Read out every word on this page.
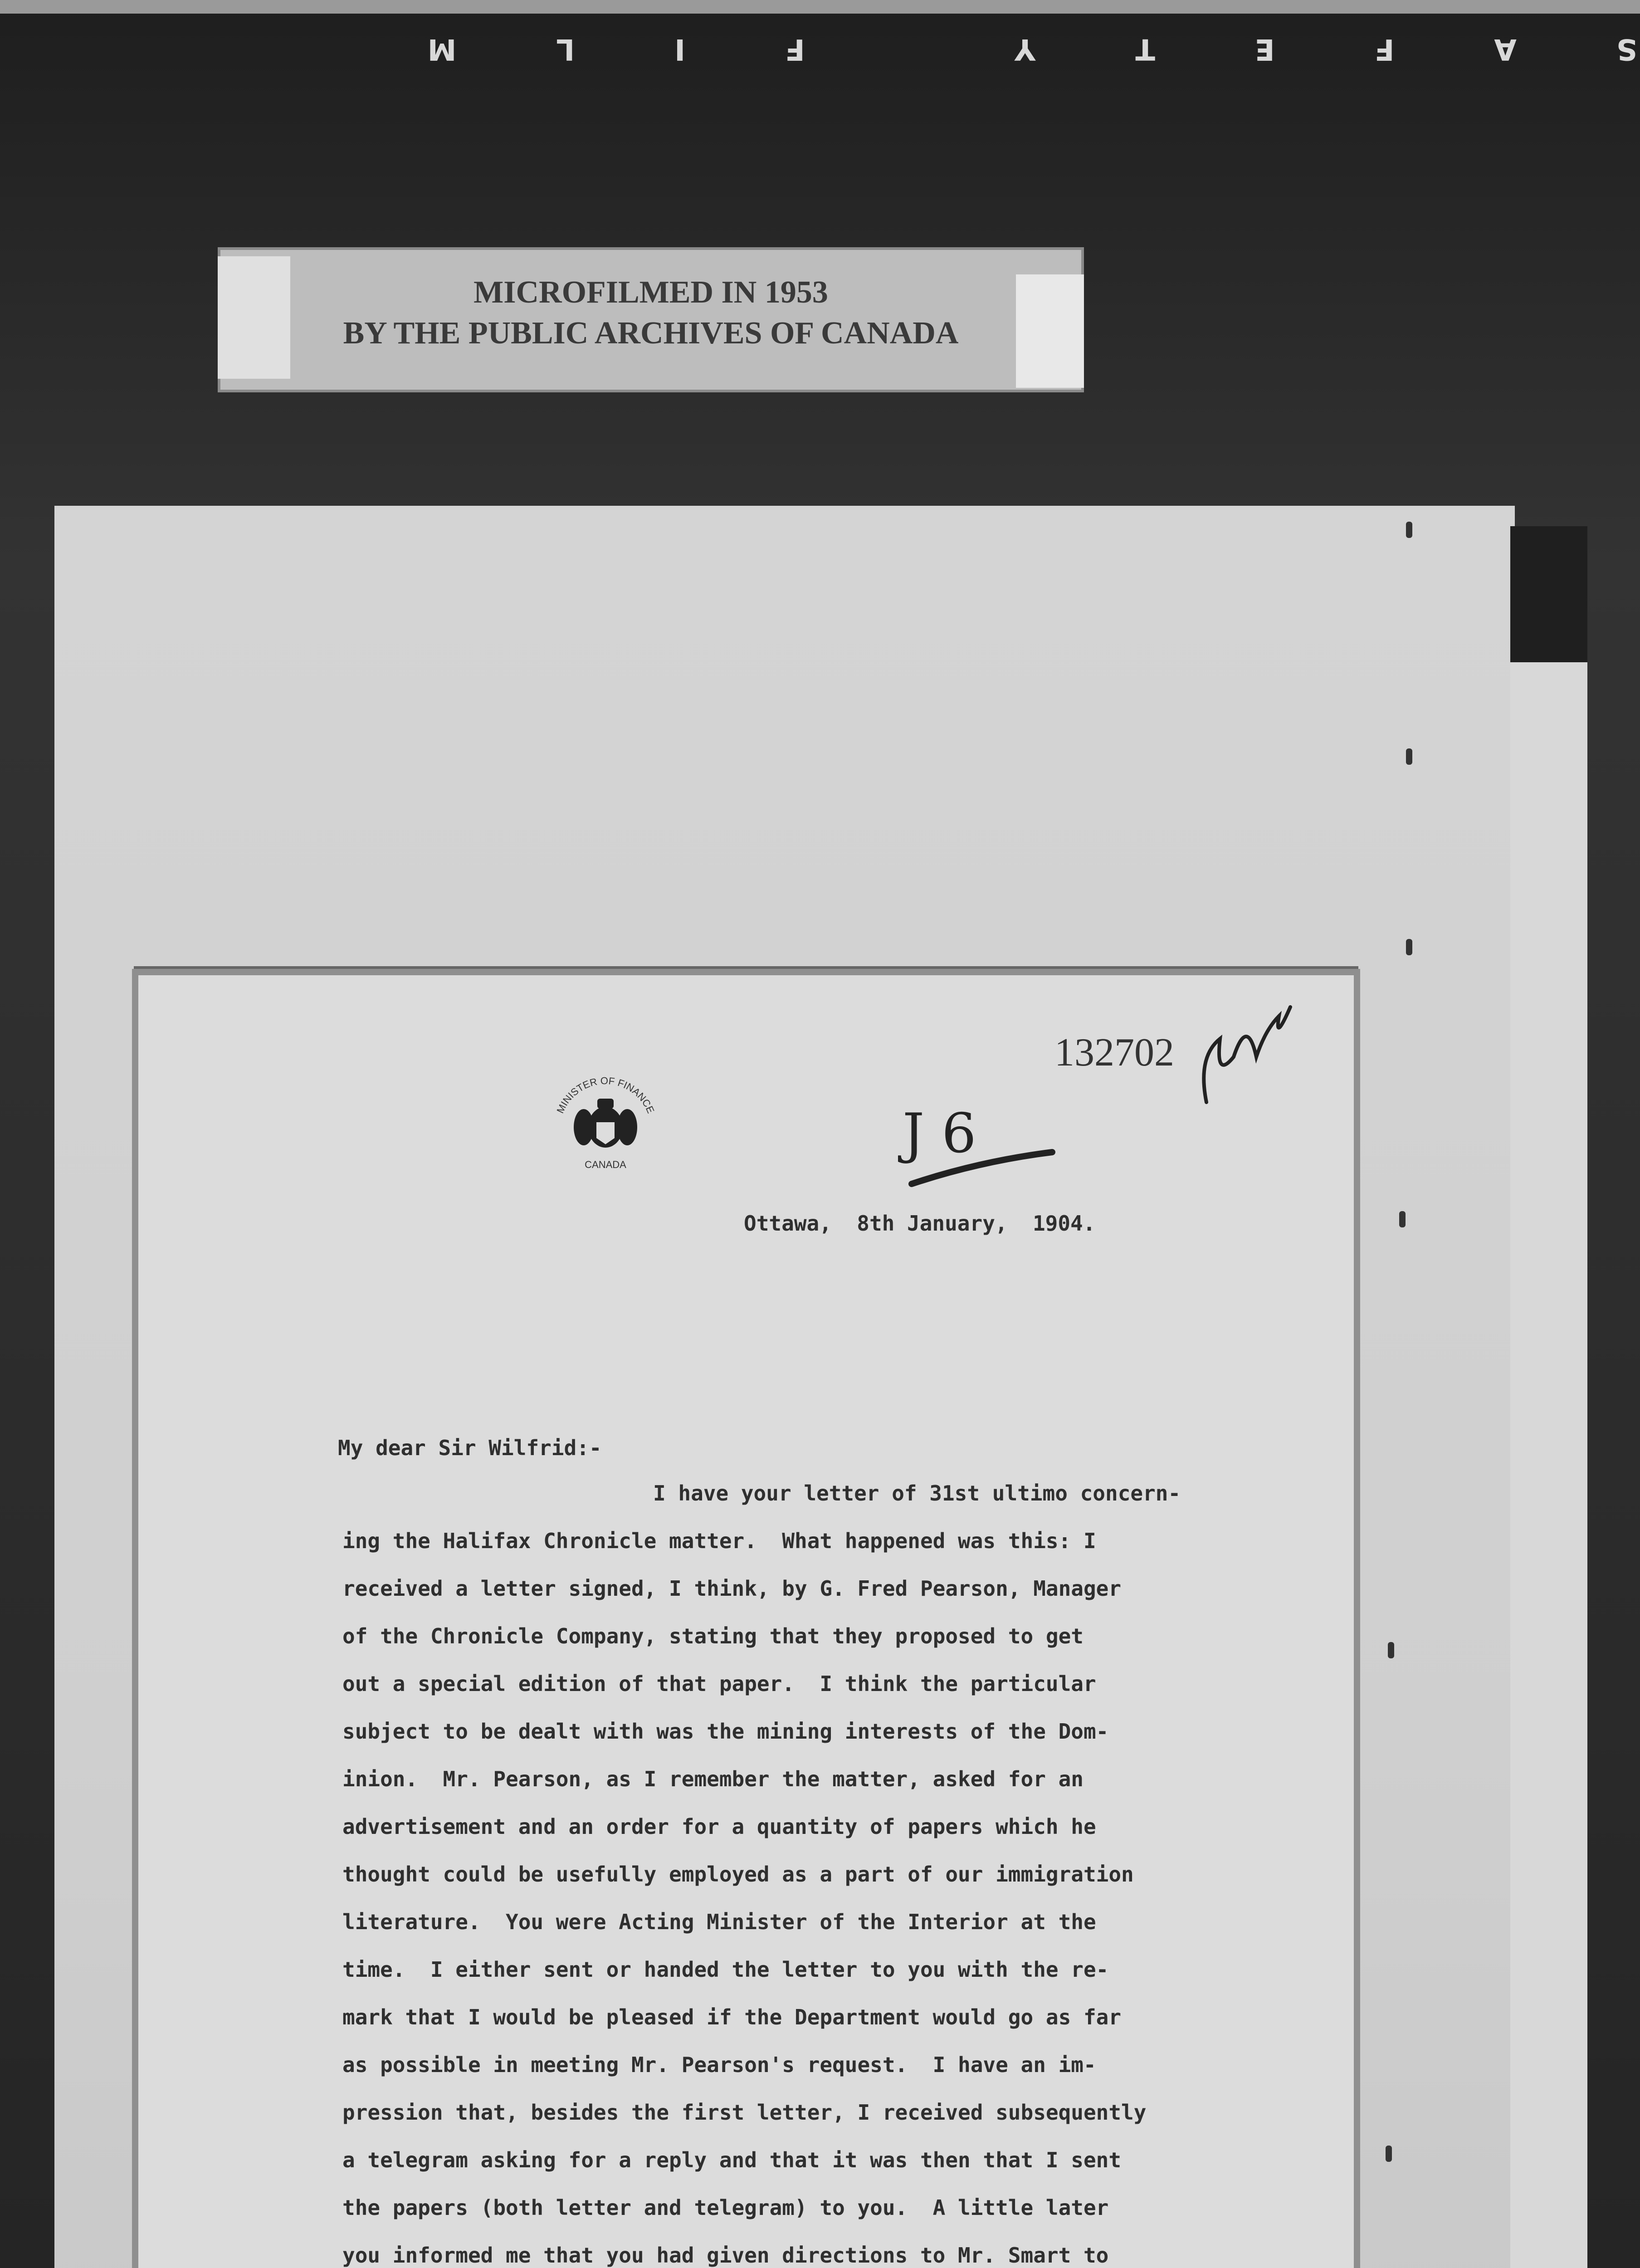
SAFETY FILM
MICROFILMED IN 1953
BY THE PUBLIC ARCHIVES OF CANADA
MINISTER OF FINANCE
CANADA
132702
J 6
Ottawa,  8th January,  1904.
My dear Sir Wilfrid:-
I have your letter of 31st ultimo concern-
ing the Halifax Chronicle matter.  What happened was this: I
received a letter signed, I think, by G. Fred Pearson, Manager
of the Chronicle Company, stating that they proposed to get
out a special edition of that paper.  I think the particular
subject to be dealt with was the mining interests of the Dom-
inion.  Mr. Pearson, as I remember the matter, asked for an
advertisement and an order for a quantity of papers which he
thought could be usefully employed as a part of our immigration
literature.  You were Acting Minister of the Interior at the
time.  I either sent or handed the letter to you with the re-
mark that I would be pleased if the Department would go as far
as possible in meeting Mr. Pearson's request.  I have an im-
pression that, besides the first letter, I received subsequently
a telegram asking for a reply and that it was then that I sent
the papers (both letter and telegram) to you.  A little later
you informed me that you had given directions to Mr. Smart to
